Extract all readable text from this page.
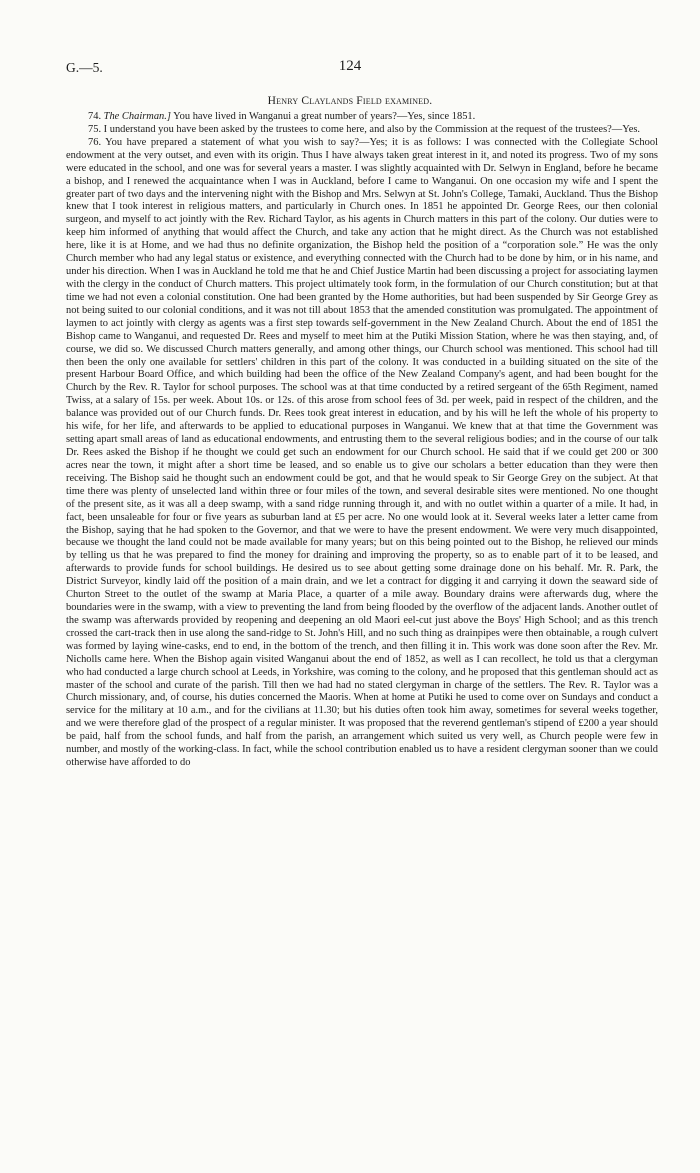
G.—5.	124
Henry Claylands Field examined.

74. The Chairman.] You have lived in Wanganui a great number of years?—Yes, since 1851.

75. I understand you have been asked by the trustees to come here, and also by the Commission at the request of the trustees?—Yes.

76. You have prepared a statement of what you wish to say?—Yes; it is as follows: I was connected with the Collegiate School endowment at the very outset, and even with its origin. Thus I have always taken great interest in it, and noted its progress. Two of my sons were educated in the school, and one was for several years a master. I was slightly acquainted with Dr. Selwyn in England, before he became a bishop, and I renewed the acquaintance when I was in Auckland, before I came to Wanganui. On one occasion my wife and I spent the greater part of two days and the intervening night with the Bishop and Mrs. Selwyn at St. John's College, Tamaki, Auckland. Thus the Bishop knew that I took interest in religious matters, and particularly in Church ones. In 1851 he appointed Dr. George Rees, our then colonial surgeon, and myself to act jointly with the Rev. Richard Taylor, as his agents in Church matters in this part of the colony. Our duties were to keep him informed of anything that would affect the Church, and take any action that he might direct. As the Church was not established here, like it is at Home, and we had thus no definite organization, the Bishop held the position of a “corporation sole.” He was the only Church member who had any legal status or existence, and everything connected with the Church had to be done by him, or in his name, and under his direction. When I was in Auckland he told me that he and Chief Justice Martin had been discussing a project for associating laymen with the clergy in the conduct of Church matters. This project ultimately took form, in the formulation of our Church constitution; but at that time we had not even a colonial constitution. One had been granted by the Home authorities, but had been suspended by Sir George Grey as not being suited to our colonial conditions, and it was not till about 1853 that the amended constitution was promulgated. The appointment of laymen to act jointly with clergy as agents was a first step towards self-government in the New Zealand Church. About the end of 1851 the Bishop came to Wanganui, and requested Dr. Rees and myself to meet him at the Putiki Mission Station, where he was then staying, and, of course, we did so. We discussed Church matters generally, and among other things, our Church school was mentioned. This school had till then been the only one available for settlers' children in this part of the colony. It was conducted in a building situated on the site of the present Harbour Board Office, and which building had been the office of the New Zealand Company's agent, and had been bought for the Church by the Rev. R. Taylor for school purposes. The school was at that time conducted by a retired sergeant of the 65th Regiment, named Twiss, at a salary of 15s. per week. About 10s. or 12s. of this arose from school fees of 3d. per week, paid in respect of the children, and the balance was provided out of our Church funds. Dr. Rees took great interest in education, and by his will he left the whole of his property to his wife, for her life, and afterwards to be applied to educational purposes in Wanganui. We knew that at that time the Government was setting apart small areas of land as educational endowments, and entrusting them to the several religious bodies; and in the course of our talk Dr. Rees asked the Bishop if he thought we could get such an endowment for our Church school. He said that if we could get 200 or 300 acres near the town, it might after a short time be leased, and so enable us to give our scholars a better education than they were then receiving. The Bishop said he thought such an endowment could be got, and that he would speak to Sir George Grey on the subject. At that time there was plenty of unselected land within three or four miles of the town, and several desirable sites were mentioned. No one thought of the present site, as it was all a deep swamp, with a sand ridge running through it, and with no outlet within a quarter of a mile. It had, in fact, been unsaleable for four or five years as suburban land at £5 per acre. No one would look at it. Several weeks later a letter came from the Bishop, saying that he had spoken to the Governor, and that we were to have the present endowment. We were very much disappointed, because we thought the land could not be made available for many years; but on this being pointed out to the Bishop, he relieved our minds by telling us that he was prepared to find the money for draining and improving the property, so as to enable part of it to be leased, and afterwards to provide funds for school buildings. He desired us to see about getting some drainage done on his behalf. Mr. R. Park, the District Surveyor, kindly laid off the position of a main drain, and we let a contract for digging it and carrying it down the seaward side of Churton Street to the outlet of the swamp at Maria Place, a quarter of a mile away. Boundary drains were afterwards dug, where the boundaries were in the swamp, with a view to preventing the land from being flooded by the overflow of the adjacent lands. Another outlet of the swamp was afterwards provided by reopening and deepening an old Maori eel-cut just above the Boys' High School; and as this trench crossed the cart-track then in use along the sand-ridge to St. John's Hill, and no such thing as drainpipes were then obtainable, a rough culvert was formed by laying wine-casks, end to end, in the bottom of the trench, and then filling it in. This work was done soon after the Rev. Mr. Nicholls came here. When the Bishop again visited Wanganui about the end of 1852, as well as I can recollect, he told us that a clergyman who had conducted a large church school at Leeds, in Yorkshire, was coming to the colony, and he proposed that this gentleman should act as master of the school and curate of the parish. Till then we had had no stated clergyman in charge of the settlers. The Rev. R. Taylor was a Church missionary, and, of course, his duties concerned the Maoris. When at home at Putiki he used to come over on Sundays and conduct a service for the military at 10 a.m., and for the civilians at 11.30; but his duties often took him away, sometimes for several weeks together, and we were therefore glad of the prospect of a regular minister. It was proposed that the reverend gentleman's stipend of £200 a year should be paid, half from the school funds, and half from the parish, an arrangement which suited us very well, as Church people were few in number, and mostly of the working-class. In fact, while the school contribution enabled us to have a resident clergyman sooner than we could otherwise have afforded to do
